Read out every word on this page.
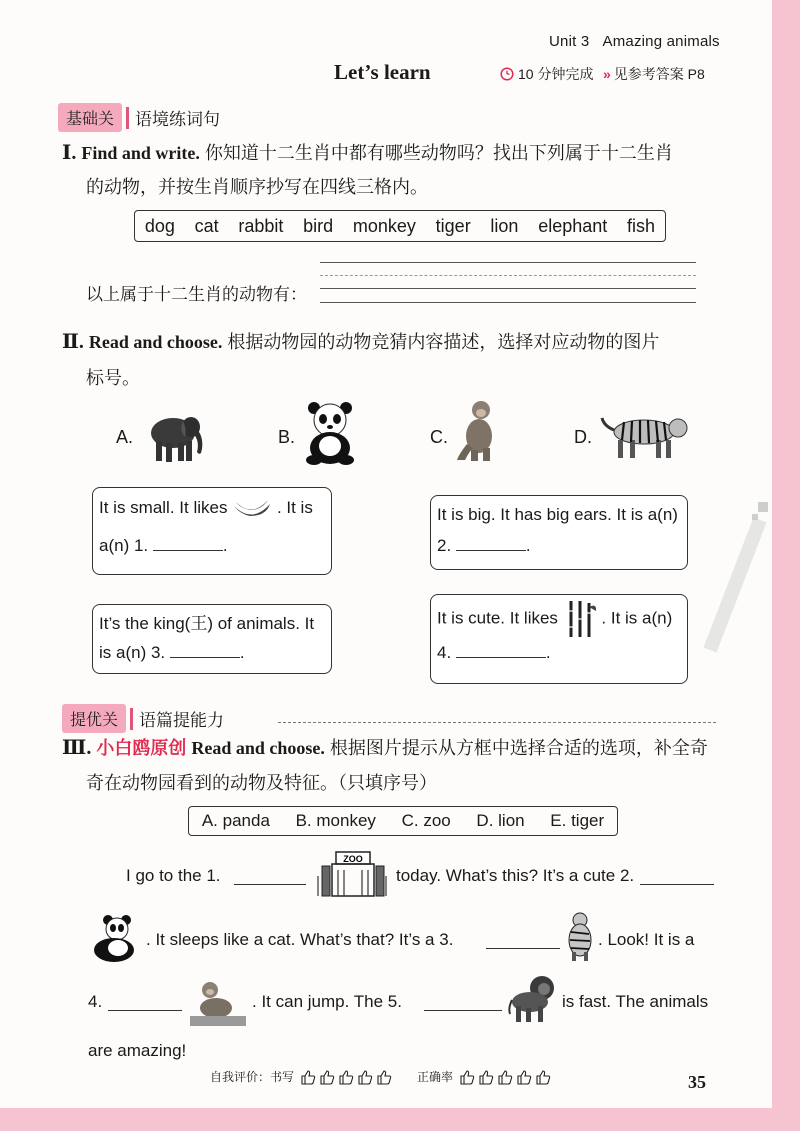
Unit 3 Amazing animals
Let’s learn	10 分钟完成 » 见参考答案 P8
基础关	语境练词句
Ⅰ. Find and write. 你知道十二生肖中都有哪些动物吗？找出下列属于十二生肖
的动物，并按生肖顺序抄写在四线三格内。
dog cat rabbit bird monkey tiger lion elephant fish
以上属于十二生肖的动物有：
Ⅱ. Read and choose. 根据动物园的动物竞猜内容描述，选择对应动物的图片
标号。
A.	B.	C.	D.
It is small. It likes	. It is
a(n) 1.	.
It is big. It has big ears. It is a(n)
2.	.
It’s the king(王) of animals. It
is a(n) 3.	.
It is cute. It likes	. It is a(n)
4.	.
提优关	语篇提能力
Ⅲ. 小白鸥原创 Read and choose. 根据图片提示从方框中选择合适的选项，补全奇
奇在动物园看到的动物及特征。（只填序号）
A. panda B. monkey C. zoo D. lion E. tiger
I go to the 1.
ZOO
today. What’s this? It’s a cute 2.
. It sleeps like a cat. What’s that? It’s a 3.	. Look! It is a
4.	. It can jump. The 5.	is fast. The animals
are amazing!
自我评价：书写	正确率	35
